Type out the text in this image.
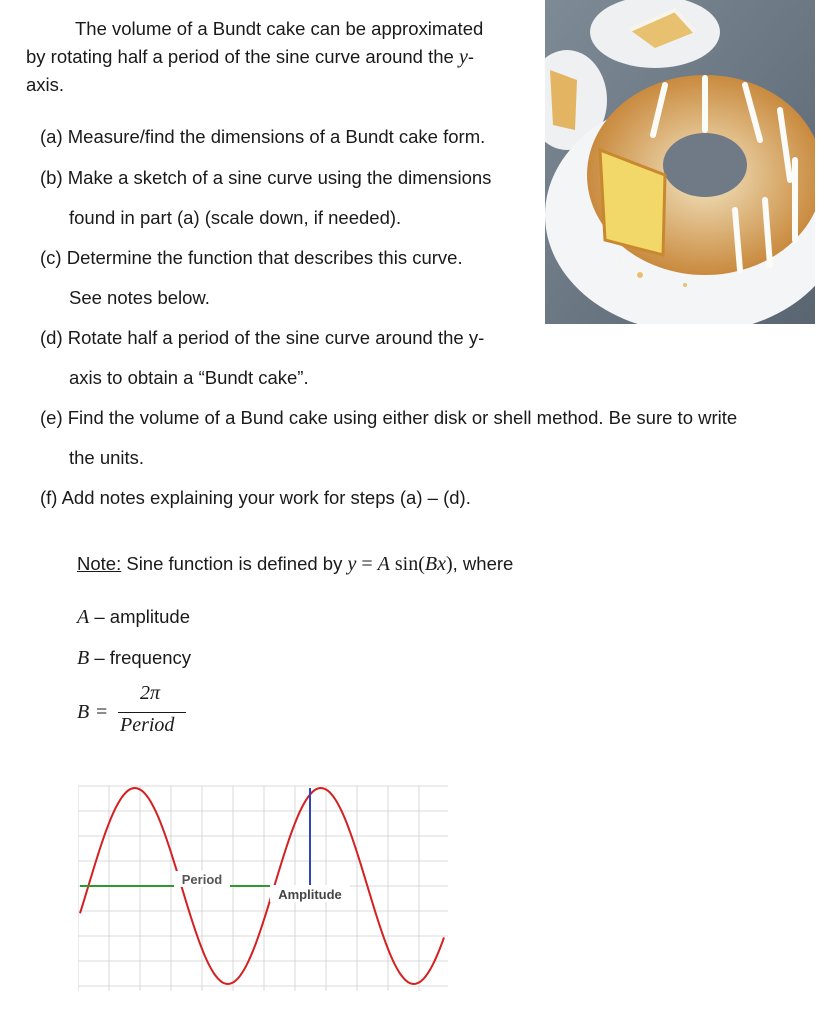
The volume of a Bundt cake can be approximated
by rotating half a period of the sine curve around the y-
axis.
(a) Measure/find the dimensions of a Bundt cake form.
(b) Make a sketch of a sine curve using the dimensions
found in part (a) (scale down, if needed).
(c) Determine the function that describes this curve.
See notes below.
(d) Rotate half a period of the sine curve around the y-
axis to obtain a “Bundt cake”.
(e) Find the volume of a Bund cake using either disk or shell method. Be sure to write
the units.
(f) Add notes explaining your work for steps (a) – (d).
Note: Sine function is defined by y = A sin(Bx), where
A – amplitude
B – frequency
B =
2π
Period
Period
Amplitude
